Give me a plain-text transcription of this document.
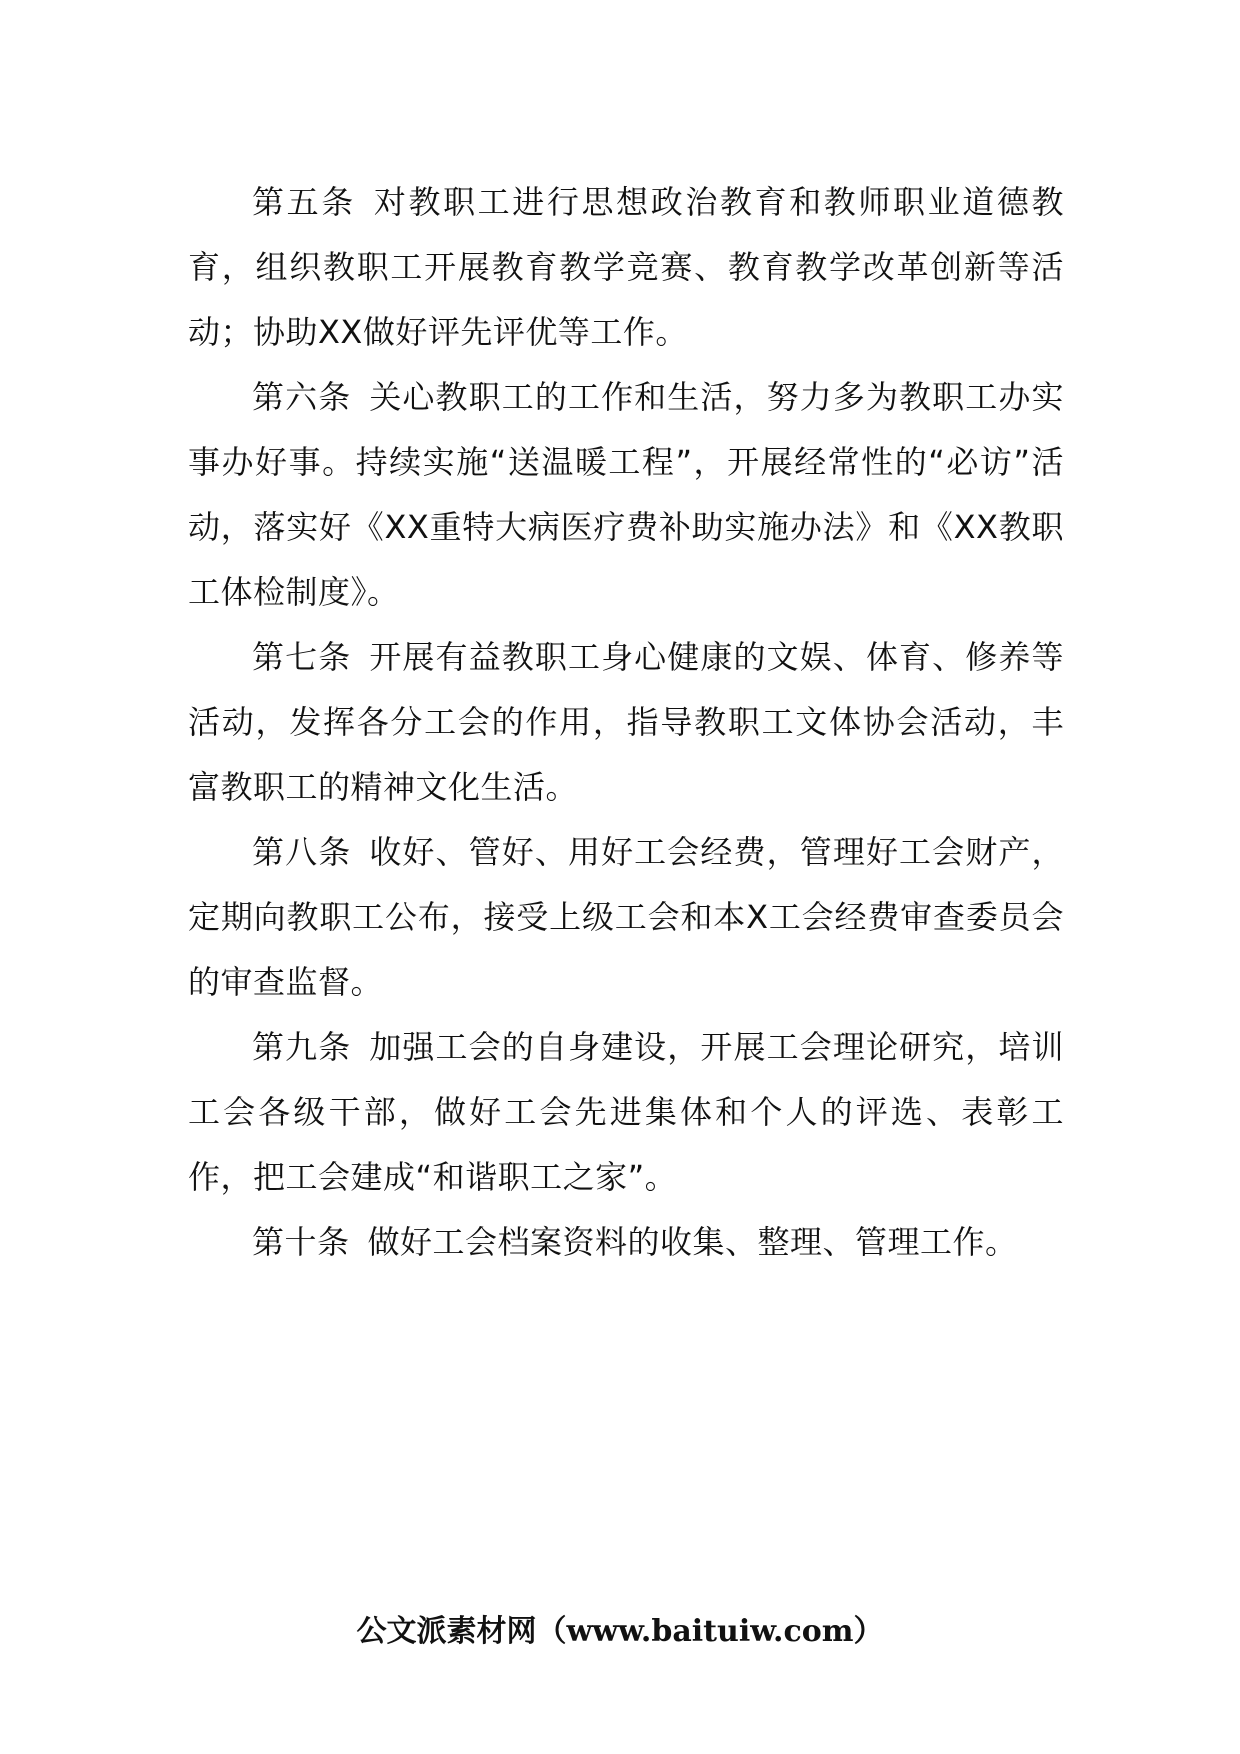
第五条 对教职工进行思想政治教育和教师职业道德教育，组织教职工开展教育教学竞赛、教育教学改革创新等活动；协助XX做好评先评优等工作。

第六条 关心教职工的工作和生活，努力多为教职工办实事办好事。持续实施“送温暖工程”，开展经常性的“必访”活动，落实好《XX重特大病医疗费补助实施办法》和《XX教职工体检制度》。

第七条 开展有益教职工身心健康的文娱、体育、修养等活动，发挥各分工会的作用，指导教职工文体协会活动，丰富教职工的精神文化生活。

第八条 收好、管好、用好工会经费，管理好工会财产，定期向教职工公布，接受上级工会和本X工会经费审查委员会的审查监督。

第九条 加强工会的自身建设，开展工会理论研究，培训工会各级干部，做好工会先进集体和个人的评选、表彰工作，把工会建成“和谐职工之家”。

第十条 做好工会档案资料的收集、整理、管理工作。

公文派素材网（www.baituiw.com）
